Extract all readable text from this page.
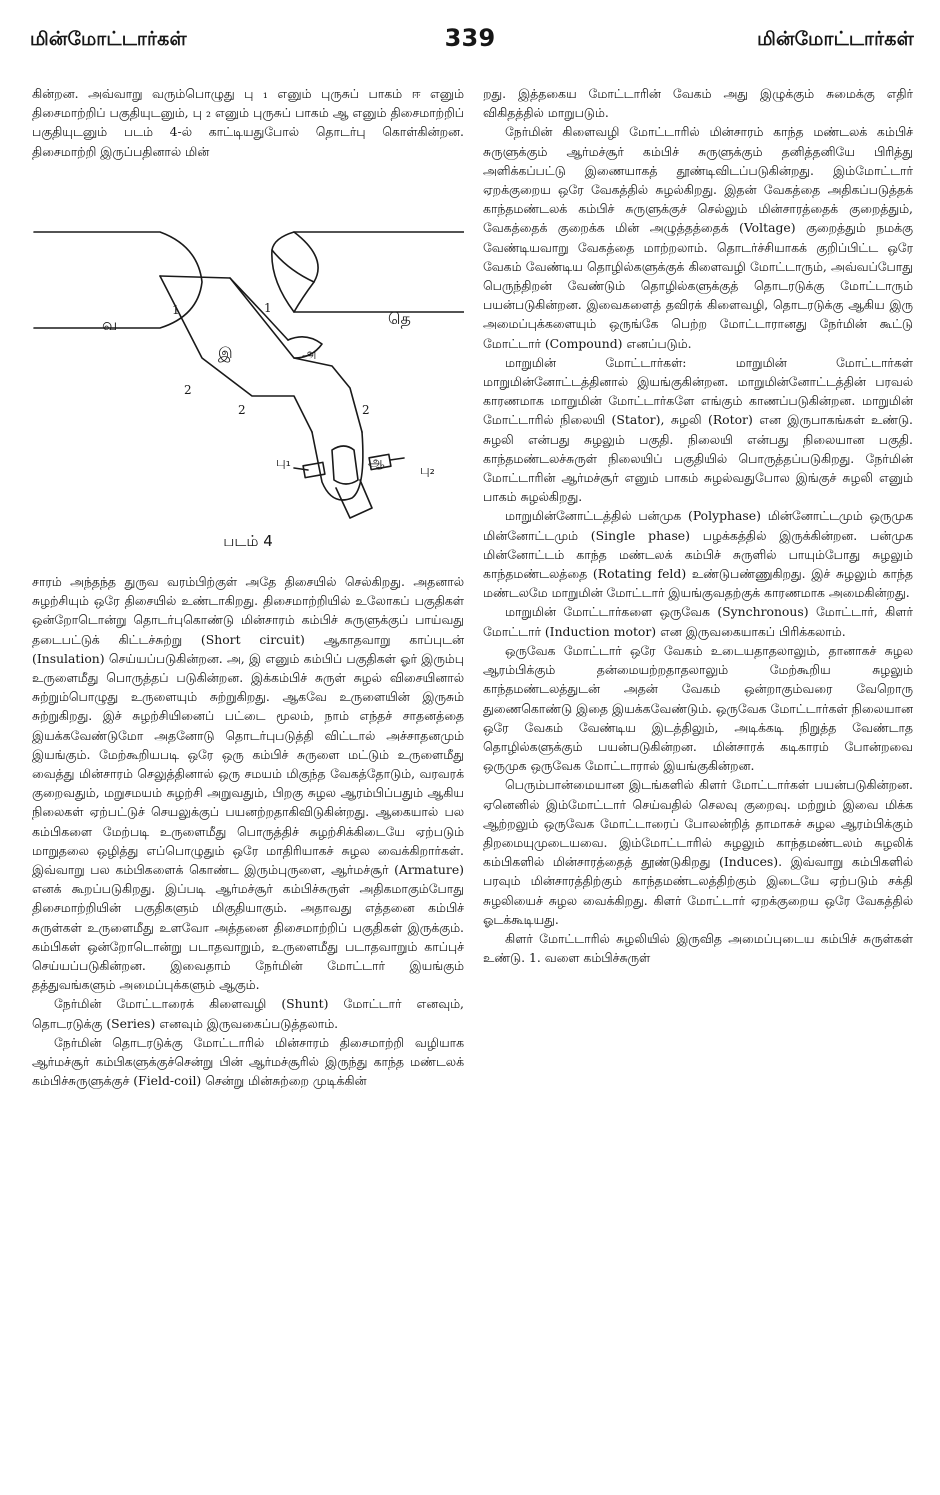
மின்மோட்டார்கள்	339	மின்மோட்டார்கள்

கின்றன. அவ்வாறு வரும்பொழுது பு ₁ எனும் புருசுப் பாகம் ஈ எனும் திசைமாற்றிப் பகுதியுடனும், பு ₂ எனும் புருசுப் பாகம் ஆ எனும் திசைமாற்றிப் பகுதியுடனும் படம் 4-ல் காட்டியதுபோல் தொடர்பு கொள்கின்றன. திசைமாற்றி இருப்பதினால் மின்

வ	தெ
இ	அ
ஆ
1	1
2
2	2
பு₁
பு₂
படம் 4

சாரம் அந்தந்த துருவ வரம்பிற்குள் அதே திசையில் செல்கிறது. அதனால் சுழற்சியும் ஒரே திசையில் உண்டாகிறது. திசைமாற்றியில் உலோகப் பகுதிகள் ஒன்றோடொன்று தொடர்புகொண்டு மின்சாரம் கம்பிச் சுருளுக்குப் பாய்வது தடைபட்டுக் கிட்டச்சுற்று (Short circuit) ஆகாதவாறு காப்புடன் (Insulation) செய்யப்படுகின்றன. அ, இ எனும் கம்பிப் பகுதிகள் ஓர் இரும்பு உருளைமீது பொருத்தப் படுகின்றன. இக்கம்பிச் சுருள் சுழல் விசையினால் சுற்றும்பொழுது உருளையும் சுற்றுகிறது. ஆகவே உருளையின் இருசும் சுற்றுகிறது. இச் சுழற்சியினைப் பட்டை மூலம், நாம் எந்தச் சாதனத்தை இயக்கவேண்டுமோ அதனோடு தொடர்புபடுத்தி விட்டால் அச்சாதனமும் இயங்கும். மேற்கூறியபடி ஒரே ஒரு கம்பிச் சுருளை மட்டும் உருளைமீது வைத்து மின்சாரம் செலுத்தினால் ஒரு சமயம் மிகுந்த வேகத்தோடும், வரவரக் குறைவதும், மறுசமயம் சுழற்சி அறுவதும், பிறகு சுழல ஆரம்பிப்பதும் ஆகிய நிலைகள் ஏற்பட்டுச் செயலுக்குப் பயனற்றதாகிவிடுகின்றது. ஆகையால் பல கம்பிகளை மேற்படி உருளைமீது பொருத்திச் சுழற்சிக்கிடையே ஏற்படும் மாறுதலை ஒழித்து எப்பொழுதும் ஒரே மாதிரியாகச் சுழல வைக்கிறார்கள். இவ்வாறு பல கம்பிகளைக் கொண்ட இரும்புருளை, ஆர்மச்சூர் (Armature) எனக் கூறப்படுகிறது. இப்படி ஆர்மச்சூர் கம்பிச்சுருள் அதிகமாகும்போது திசைமாற்றியின் பகுதிகளும் மிகுதியாகும். அதாவது எத்தனை கம்பிச் சுருள்கள் உருளைமீது உளவோ அத்தனை திசைமாற்றிப் பகுதிகள் இருக்கும். கம்பிகள் ஒன்றோடொன்று படாதவாறும், உருளைமீது படாதவாறும் காப்புச் செய்யப்படுகின்றன. இவைதாம் நேர்மின் மோட்டார் இயங்கும் தத்துவங்களும் அமைப்புக்களும் ஆகும்.

நேர்மின் மோட்டாரைக் கிளைவழி (Shunt) மோட்டார் எனவும், தொடரடுக்கு (Series) எனவும் இருவகைப்படுத்தலாம்.

நேர்மின் தொடரடுக்கு மோட்டாரில் மின்சாரம் திசைமாற்றி வழியாக ஆர்மச்சூர் கம்பிகளுக்குச்சென்று பின் ஆர்மச்சூரில் இருந்து காந்த மண்டலக் கம்பிச்சுருளுக்குச் (Field-coil) சென்று மின்சுற்றை முடிக்கின்

றது. இத்தகைய மோட்டாரின் வேகம் அது இழுக்கும் சுமைக்கு எதிர் விகிதத்தில் மாறுபடும்.

நேர்மின் கிளைவழி மோட்டாரில் மின்சாரம் காந்த மண்டலக் கம்பிச் சுருளுக்கும் ஆர்மச்சூர் கம்பிச் சுருளுக்கும் தனித்தனியே பிரித்து அளிக்கப்பட்டு இணையாகத் தூண்டிவிடப்படுகின்றது. இம்மோட்டார் ஏறக்குறைய ஒரே வேகத்தில் சுழல்கிறது. இதன் வேகத்தை அதிகப்படுத்தக் காந்தமண்டலக் கம்பிச் சுருளுக்குச் செல்லும் மின்சாரத்தைக் குறைத்தும், வேகத்தைக் குறைக்க மின் அழுத்தத்தைக் (Voltage) குறைத்தும் நமக்கு வேண்டியவாறு வேகத்தை மாற்றலாம். தொடர்ச்சியாகக் குறிப்பிட்ட ஒரே வேகம் வேண்டிய தொழில்களுக்குக் கிளைவழி மோட்டாரும், அவ்வப்போது பெருந்திறன் வேண்டும் தொழில்களுக்குத் தொடரடுக்கு மோட்டாரும் பயன்படுகின்றன. இவைகளைத் தவிரக் கிளைவழி, தொடரடுக்கு ஆகிய இரு அமைப்புக்களையும் ஒருங்கே பெற்ற மோட்டாரானது நேர்மின் கூட்டு மோட்டார் (Compound) எனப்படும்.

மாறுமின் மோட்டார்கள்: மாறுமின் மோட்டார்கள் மாறுமின்னோட்டத்தினால் இயங்குகின்றன. மாறுமின்னோட்டத்தின் பரவல் காரணமாக மாறுமின் மோட்டார்களே எங்கும் காணப்படுகின்றன. மாறுமின் மோட்டாரில் நிலையி (Stator), சுழலி (Rotor) என இருபாகங்கள் உண்டு. சுழலி என்பது சுழலும் பகுதி. நிலையி என்பது நிலையான பகுதி. காந்தமண்டலச்சுருள் நிலையிப் பகுதியில் பொருத்தப்படுகிறது. நேர்மின் மோட்டாரின் ஆர்மச்சூர் எனும் பாகம் சுழல்வதுபோல இங்குச் சுழலி எனும் பாகம் சுழல்கிறது.

மாறுமின்னோட்டத்தில் பன்முக (Polyphase) மின்னோட்டமும் ஒருமுக மின்னோட்டமும் (Single phase) பழக்கத்தில் இருக்கின்றன. பன்முக மின்னோட்டம் காந்த மண்டலக் கம்பிச் சுருளில் பாயும்போது சுழலும் காந்தமண்டலத்தை (Rotating feld) உண்டுபண்ணுகிறது. இச் சுழலும் காந்த மண்டலமே மாறுமின் மோட்டார் இயங்குவதற்குக் காரணமாக அமைகின்றது.

மாறுமின் மோட்டார்களை ஒருவேக (Synchronous) மோட்டார், கிளர் மோட்டார் (Induction motor) என இருவகையாகப் பிரிக்கலாம்.

ஒருவேக மோட்டார் ஒரே வேகம் உடையதாதலாலும், தானாகச் சுழல ஆரம்பிக்கும் தன்மையற்றதாதலாலும் மேற்கூறிய சுழலும் காந்தமண்டலத்துடன் அதன் வேகம் ஒன்றாகும்வரை வேறொரு துணைகொண்டு இதை இயக்கவேண்டும். ஒருவேக மோட்டார்கள் நிலையான ஒரே வேகம் வேண்டிய இடத்திலும், அடிக்கடி நிறுத்த வேண்டாத தொழில்களுக்கும் பயன்படுகின்றன. மின்சாரக் கடிகாரம் போன்றவை ஒருமுக ஒருவேக மோட்டாரால் இயங்குகின்றன.

பெரும்பான்மையான இடங்களில் கிளர் மோட்டார்கள் பயன்படுகின்றன. ஏனெனில் இம்மோட்டார் செய்வதில் செலவு குறைவு. மற்றும் இவை மிக்க ஆற்றலும் ஒருவேக மோட்டாரைப் போலன்றித் தாமாகச் சுழல ஆரம்பிக்கும் திறமையுமுடையவை. இம்மோட்டாரில் சுழலும் காந்தமண்டலம் சுழலிக் கம்பிகளில் மின்சாரத்தைத் தூண்டுகிறது (Induces). இவ்வாறு கம்பிகளில் பரவும் மின்சாரத்திற்கும் காந்தமண்டலத்திற்கும் இடையே ஏற்படும் சக்தி சுழலியைச் சுழல வைக்கிறது. கிளர் மோட்டார் ஏறக்குறைய ஒரே வேகத்தில் ஓடக்கூடியது.

கிளர் மோட்டாரில் சுழலியில் இருவித அமைப்புடைய கம்பிச் சுருள்கள் உண்டு. 1. வளை கம்பிச்சுருள்
